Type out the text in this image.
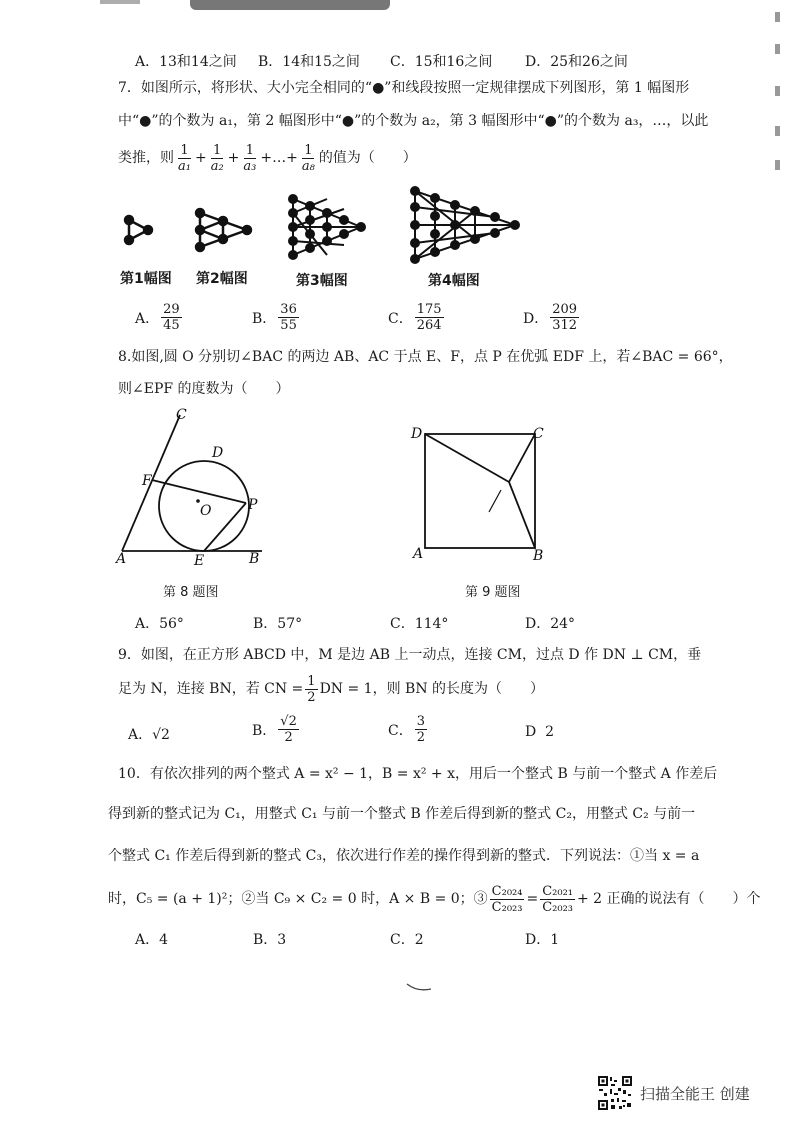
A．13和14之间 B．14和15之间 C．15和16之间 D．25和26之间
7．如图所示，将形状、大小完全相同的“●”和线段按照一定规律摆成下列图形，第 1 幅图形
中“●”的个数为 a₁，第 2 幅图形中“●”的个数为 a₂，第 3 幅图形中“●”的个数为 a₃，…，以此
类推，则 $\frac{1}{\text{a₁}} + \frac{1}{\text{a₂}} + \frac{1}{\text{a₃}}$ +…+ $\frac{1}{\text{a₈}}$ 的值为（　　）
第1幅图 第2幅图	第3幅图	第4幅图
A． $\frac{29}{45}$	B． $\frac{36}{55}$	C． $\frac{175}{264}$	D． $\frac{209}{312}$
8.如图,圆 O 分别切∠BAC 的两边 AB、AC 于点 E、F，点 P 在优弧 EDF 上，若∠BAC = 66°，
则∠EPF 的度数为（　　）
C
D
F
O	P
A	E	B
第 8 题图
D	C
A	B
第 9 题图
A．56°	B．57°	C．114°	D．24°
9．如图，在正方形 ABCD 中，M 是边 AB 上一动点，连接 CM，过点 D 作 DN ⊥ CM，垂
足为 N，连接 BN，若 CN = $\frac{1}{2}$ DN = 1，则 BN 的长度为（　　）
A．√2	B． $\frac{√2}{2}$	C． $\frac{3}{2}$	D 2
10．有依次排列的两个整式 A = x² − 1，B = x² + x，用后一个整式 B 与前一个整式 A 作差后
得到新的整式记为 C₁，用整式 C₁ 与前一个整式 B 作差后得到新的整式 C₂，用整式 C₂ 与前一
个整式 C₁ 作差后得到新的整式 C₃，依次进行作差的操作得到新的整式．下列说法：①当 x = a
时，C₅ = (a + 1)²；②当 C₉ × C₂ = 0 时，A × B = 0；③ $\frac{\text{C₂₀₂₄}}{\text{C₂₀₂₃}} = \frac{\text{C₂₀₂₁}}{\text{C₂₀₂₃}} + 2$ 正确的说法有（　　）个
A．4	B．3	C．2	D．1
扫描全能王 创建
